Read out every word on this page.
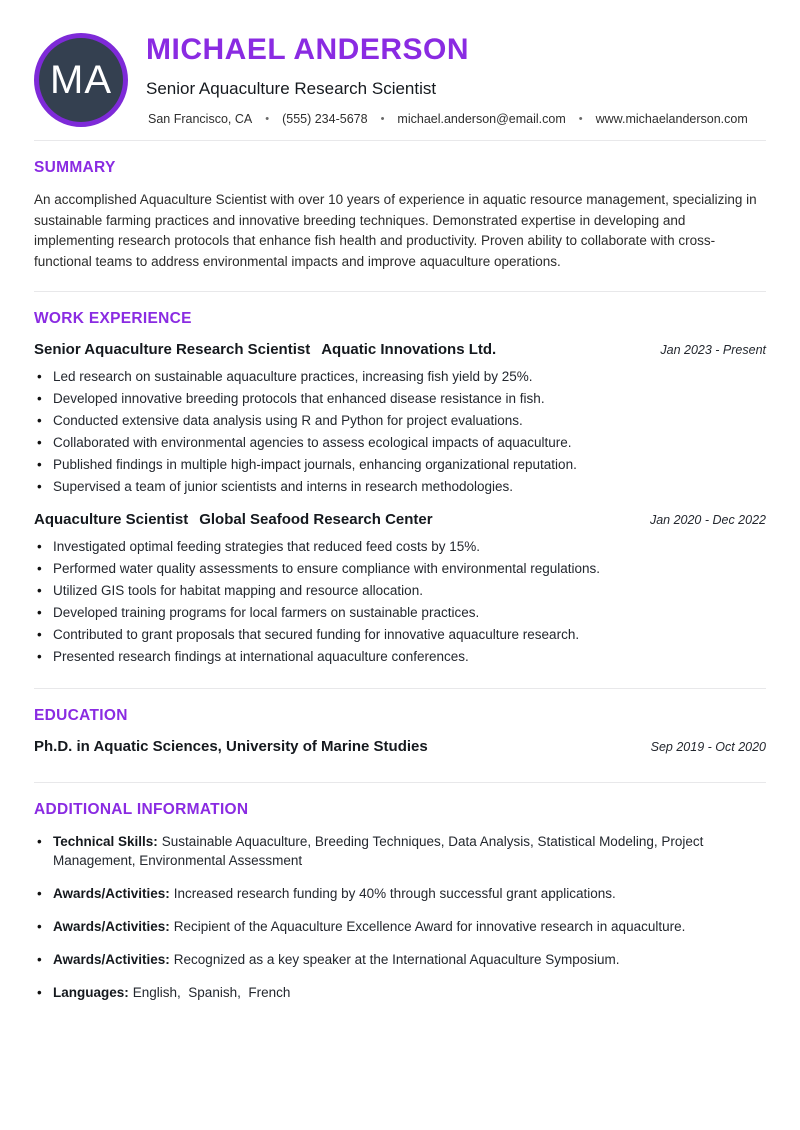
MA
MICHAEL ANDERSON
Senior Aquaculture Research Scientist
San Francisco, CA • (555) 234-5678 • michael.anderson@email.com • www.michaelanderson.com
SUMMARY

An accomplished Aquaculture Scientist with over 10 years of experience in aquatic resource management, specializing in sustainable farming practices and innovative breeding techniques. Demonstrated expertise in developing and implementing research protocols that enhance fish health and productivity. Proven ability to collaborate with cross-functional teams to address environmental impacts and improve aquaculture operations.

WORK EXPERIENCE
Senior Aquaculture Research Scientist Aquatic Innovations Ltd.	Jan 2023 - Present
• Led research on sustainable aquaculture practices, increasing fish yield by 25%.
• Developed innovative breeding protocols that enhanced disease resistance in fish.
• Conducted extensive data analysis using R and Python for project evaluations.
• Collaborated with environmental agencies to assess ecological impacts of aquaculture.
• Published findings in multiple high-impact journals, enhancing organizational reputation.
• Supervised a team of junior scientists and interns in research methodologies.
Aquaculture Scientist Global Seafood Research Center	Jan 2020 - Dec 2022
• Investigated optimal feeding strategies that reduced feed costs by 15%.
• Performed water quality assessments to ensure compliance with environmental regulations.
• Utilized GIS tools for habitat mapping and resource allocation.
• Developed training programs for local farmers on sustainable practices.
• Contributed to grant proposals that secured funding for innovative aquaculture research.
• Presented research findings at international aquaculture conferences.
EDUCATION
Ph.D. in Aquatic Sciences, University of Marine Studies	Sep 2019 - Oct 2020
ADDITIONAL INFORMATION
• Technical Skills: Sustainable Aquaculture, Breeding Techniques, Data Analysis, Statistical Modeling, Project Management, Environmental Assessment
• Awards/Activities: Increased research funding by 40% through successful grant applications.
• Awards/Activities: Recipient of the Aquaculture Excellence Award for innovative research in aquaculture.
• Awards/Activities: Recognized as a key speaker at the International Aquaculture Symposium.
• Languages: English,  Spanish,  French
